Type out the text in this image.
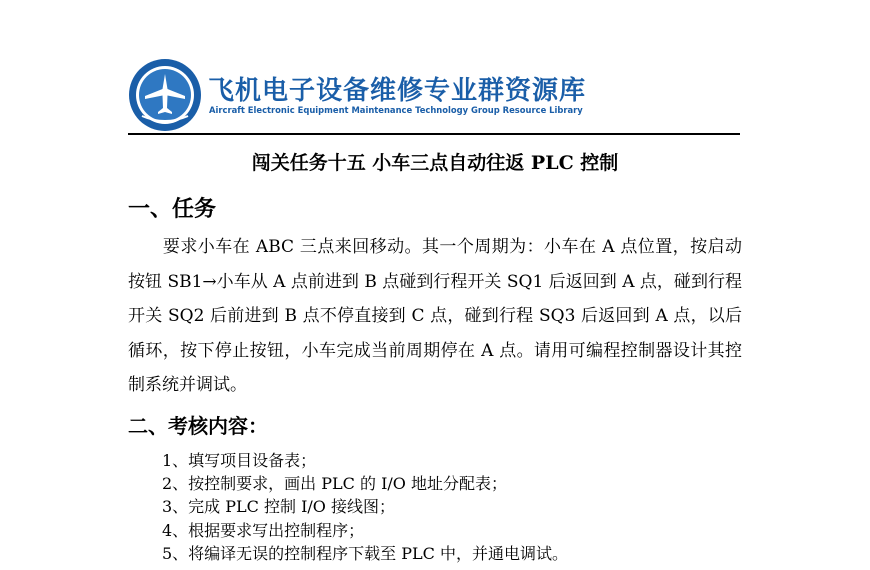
飞机电子设备维修专业群资源库
Aircraft Electronic Equipment Maintenance Technology Group Resource Library
闯关任务十五 小车三点自动往返 PLC 控制
一、任务
　　要求小车在 ABC 三点来回移动。其一个周期为：小车在 A 点位置，按启动按钮 SB1→小车从 A 点前进到 B 点碰到行程开关 SQ1 后返回到 A 点，碰到行程开关 SQ2 后前进到 B 点不停直接到 C 点，碰到行程 SQ3 后返回到 A 点，以后循环，按下停止按钮，小车完成当前周期停在 A 点。请用可编程控制器设计其控制系统并调试。
二、考核内容：
1、填写项目设备表；
2、按控制要求，画出 PLC 的 I/O 地址分配表；
3、完成 PLC 控制 I/O 接线图；
4、根据要求写出控制程序；
5、将编译无误的控制程序下载至 PLC 中，并通电调试。
